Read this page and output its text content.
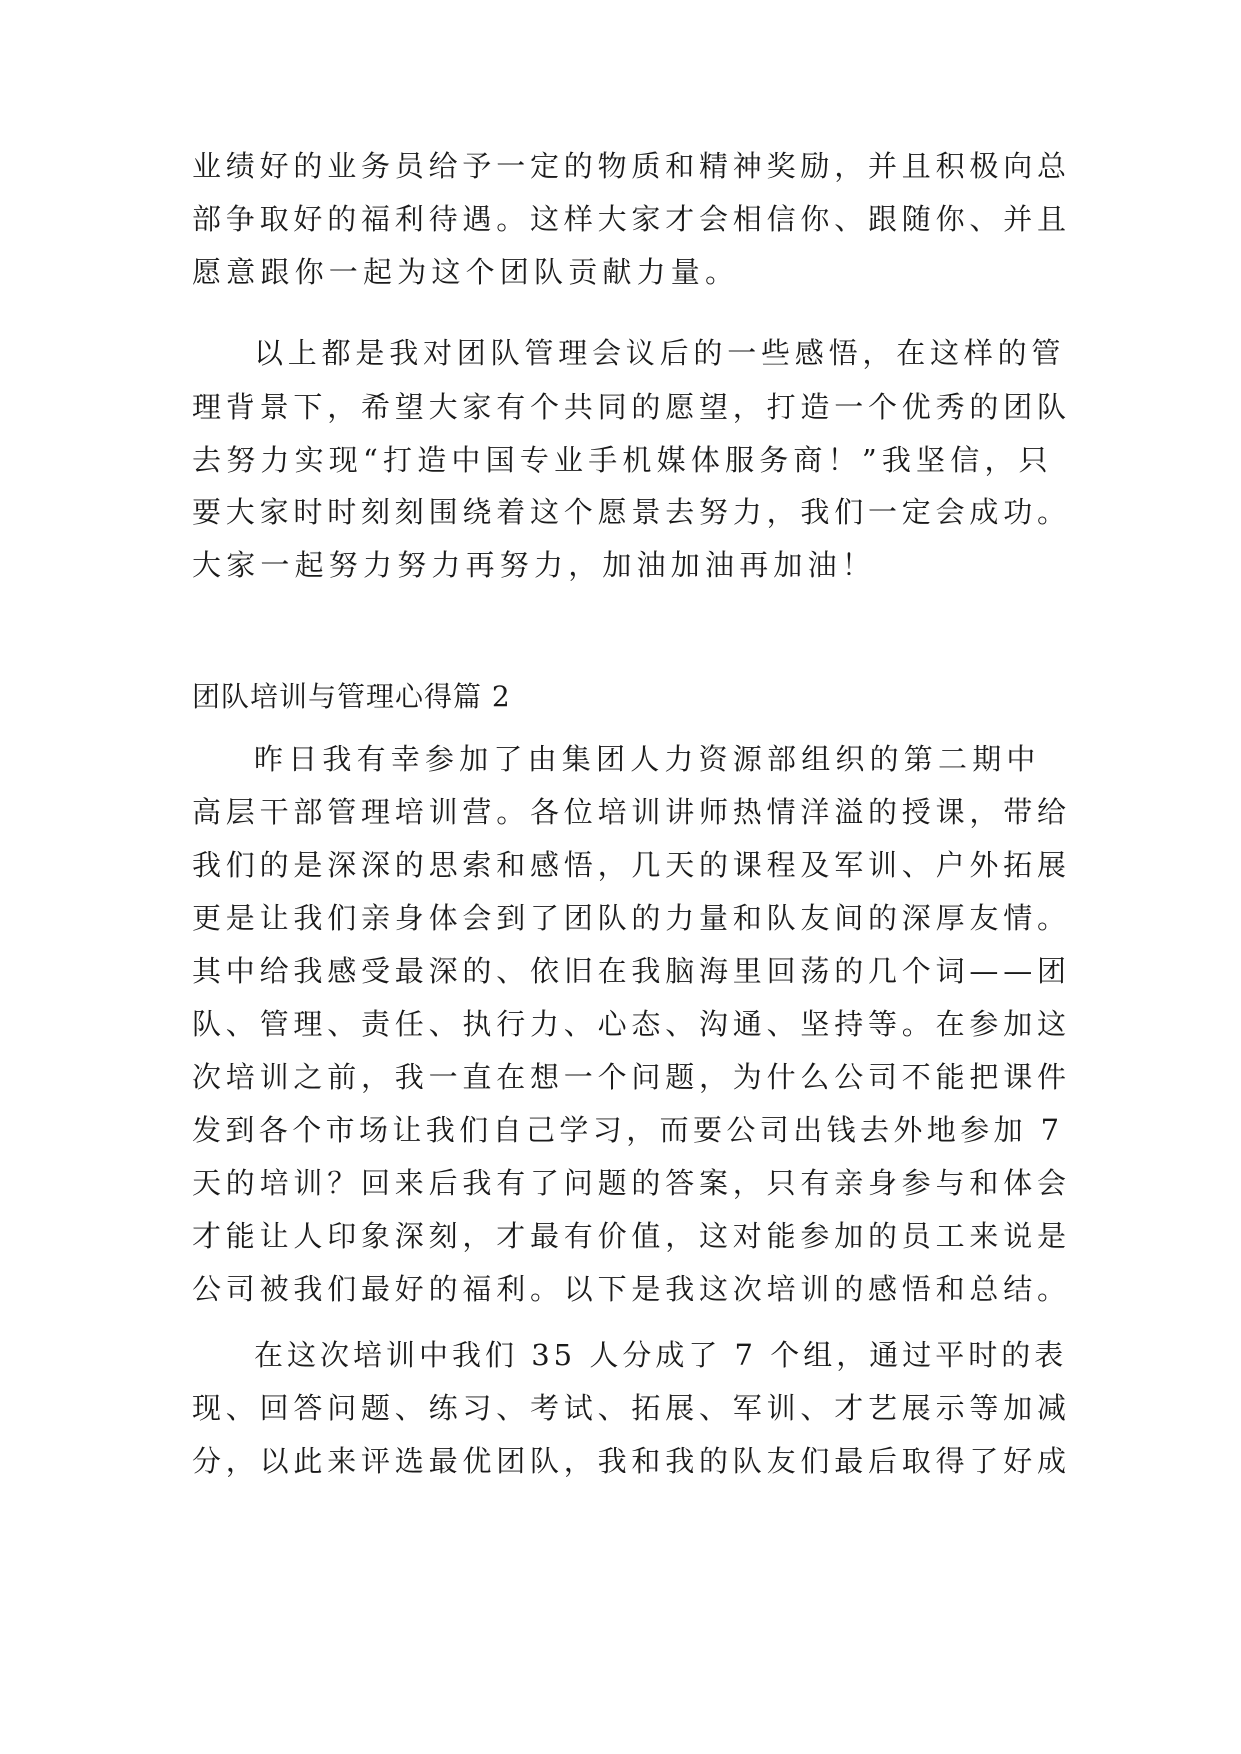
业绩好的业务员给予一定的物质和精神奖励，并且积极向总

部争取好的福利待遇。这样大家才会相信你、跟随你、并且

愿意跟你一起为这个团队贡献力量。

以上都是我对团队管理会议后的一些感悟，在这样的管

理背景下，希望大家有个共同的愿望，打造一个优秀的团队

去努力实现“打造中国专业手机媒体服务商！”我坚信，只

要大家时时刻刻围绕着这个愿景去努力，我们一定会成功。

大家一起努力努力再努力，加油加油再加油！

团队培训与管理心得篇 2

昨日我有幸参加了由集团人力资源部组织的第二期中

高层干部管理培训营。各位培训讲师热情洋溢的授课，带给

我们的是深深的思索和感悟，几天的课程及军训、户外拓展

更是让我们亲身体会到了团队的力量和队友间的深厚友情。

其中给我感受最深的、依旧在我脑海里回荡的几个词——团

队、管理、责任、执行力、心态、沟通、坚持等。在参加这

次培训之前，我一直在想一个问题，为什么公司不能把课件

发到各个市场让我们自己学习，而要公司出钱去外地参加 7

天的培训？回来后我有了问题的答案，只有亲身参与和体会

才能让人印象深刻，才最有价值，这对能参加的员工来说是

公司被我们最好的福利。以下是我这次培训的感悟和总结。

在这次培训中我们 35 人分成了 7 个组，通过平时的表

现、回答问题、练习、考试、拓展、军训、才艺展示等加减

分，以此来评选最优团队，我和我的队友们最后取得了好成
